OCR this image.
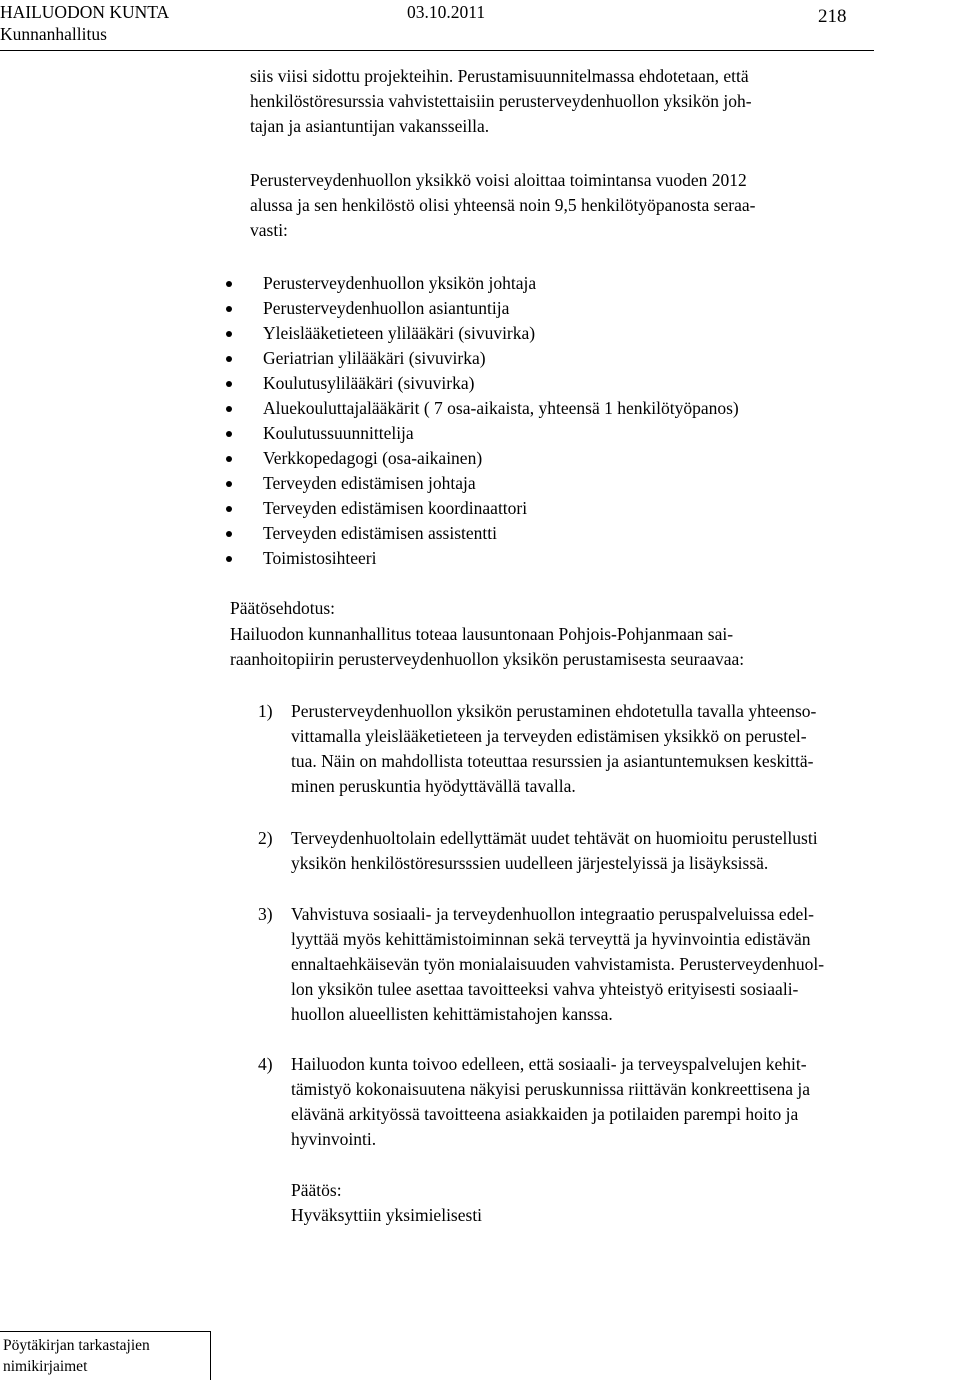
HAILUODON KUNTA	03.10.2011
Kunnanhallitus
218
siis viisi sidottu projekteihin. Perustamisuunnitelmassa ehdotetaan, että
henkilöstöresurssia vahvistettaisiin perusterveydenhuollon yksikön joh-
tajan ja asiantuntijan vakansseilla.
Perusterveydenhuollon yksikkö voisi aloittaa toimintansa vuoden 2012
alussa ja sen henkilöstö olisi yhteensä noin 9,5 henkilötyöpanosta seraa-
vasti:
Perusterveydenhuollon yksikön johtaja
Perusterveydenhuollon asiantuntija
Yleislääketieteen ylilääkäri (sivuvirka)
Geriatrian ylilääkäri (sivuvirka)
Koulutusylilääkäri (sivuvirka)
Aluekouluttajalääkärit ( 7 osa-aikaista, yhteensä 1 henkilötyöpanos)
Koulutussuunnittelija
Verkkopedagogi (osa-aikainen)
Terveyden edistämisen johtaja
Terveyden edistämisen koordinaattori
Terveyden edistämisen assistentti
Toimistosihteeri
Päätösehdotus:
Hailuodon kunnanhallitus toteaa lausuntonaan Pohjois-Pohjanmaan sai-
raanhoitopiirin perusterveydenhuollon yksikön perustamisesta seuraavaa:
1) Perusterveydenhuollon yksikön perustaminen ehdotetulla tavalla yhteenso-
vittamalla yleislääketieteen ja terveyden edistämisen yksikkö on perustel-
tua. Näin on mahdollista toteuttaa resurssien ja asiantuntemuksen keskittä-
minen peruskuntia hyödyttävällä tavalla.
2) Terveydenhuoltolain edellyttämät uudet tehtävät on huomioitu perustellusti
yksikön henkilöstöresursssien uudelleen järjestelyissä ja lisäyksissä.
3) Vahvistuva sosiaali- ja terveydenhuollon integraatio peruspalveluissa edel-
lyyttää myös kehittämistoiminnan sekä terveyttä ja hyvinvointia edistävän
ennaltaehkäisevän työn monialaisuuden vahvistamista. Perusterveydenhuol-
lon yksikön tulee asettaa tavoitteeksi vahva yhteistyö erityisesti sosiaali-
huollon alueellisten kehittämistahojen kanssa.
4) Hailuodon kunta toivoo edelleen, että sosiaali- ja terveyspalvelujen kehit-
tämistyö kokonaisuutena näkyisi peruskunnissa riittävän konkreettisena ja
elävänä arkityössä tavoitteena asiakkaiden ja potilaiden parempi hoito ja
hyvinvointi.
Päätös:
Hyväksyttiin yksimielisesti
Pöytäkirjan tarkastajien
nimikirjaimet
